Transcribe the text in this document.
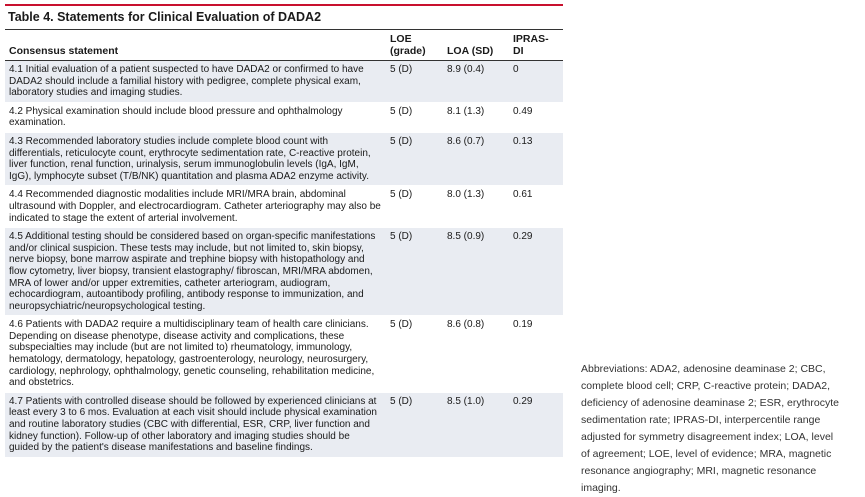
Table 4. Statements for Clinical Evaluation of DADA2
Consensus statement	LOE (grade)	LOA (SD)	IPRAS-DI
4.1 Initial evaluation of a patient suspected to have DADA2 or confirmed to have DADA2 should include a familial history with pedigree, complete physical exam, laboratory studies and imaging studies.	5 (D)	8.9 (0.4)	0
4.2 Physical examination should include blood pressure and ophthalmology examination.	5 (D)	8.1 (1.3)	0.49
4.3 Recommended laboratory studies include complete blood count with differentials, reticulocyte count, erythrocyte sedimentation rate, C-reactive protein, liver function, renal function, urinalysis, serum immunoglobulin levels (IgA, IgM, IgG), lymphocyte subset (T/B/NK) quantitation and plasma ADA2 enzyme activity.	5 (D)	8.6 (0.7)	0.13
4.4 Recommended diagnostic modalities include MRI/MRA brain, abdominal ultrasound with Doppler, and electrocardiogram. Catheter arteriography may also be indicated to stage the extent of arterial involvement.	5 (D)	8.0 (1.3)	0.61
4.5 Additional testing should be considered based on organ-specific manifestations and/or clinical suspicion. These tests may include, but not limited to, skin biopsy, nerve biopsy, bone marrow aspirate and trephine biopsy with histopathology and flow cytometry, liver biopsy, transient elastography/ fibroscan, MRI/MRA abdomen, MRA of lower and/or upper extremities, catheter arteriogram, audiogram, echocardiogram, autoantibody profiling, antibody response to immunization, and neuropsychiatric/neuropsychological testing.	5 (D)	8.5 (0.9)	0.29
4.6 Patients with DADA2 require a multidisciplinary team of health care clinicians. Depending on disease phenotype, disease activity and complications, these subspecialties may include (but are not limited to) rheumatology, immunology, hematology, dermatology, hepatology, gastroenterology, neurology, neurosurgery, cardiology, nephrology, ophthalmology, genetic counseling, rehabilitation medicine, and obstetrics.	5 (D)	8.6 (0.8)	0.19
4.7 Patients with controlled disease should be followed by experienced clinicians at least every 3 to 6 mos. Evaluation at each visit should include physical examination and routine laboratory studies (CBC with differential, ESR, CRP, liver function and kidney function). Follow-up of other laboratory and imaging studies should be guided by the patient's disease manifestations and baseline findings.	5 (D)	8.5 (1.0)	0.29
Abbreviations: ADA2, adenosine deaminase 2; CBC, complete blood cell; CRP, C-reactive protein; DADA2, deficiency of adenosine deaminase 2; ESR, erythrocyte sedimentation rate; IPRAS-DI, interpercentile range adjusted for symmetry disagreement index; LOA, level of agreement; LOE, level of evidence; MRA, magnetic resonance angiography; MRI, magnetic resonance imaging.
